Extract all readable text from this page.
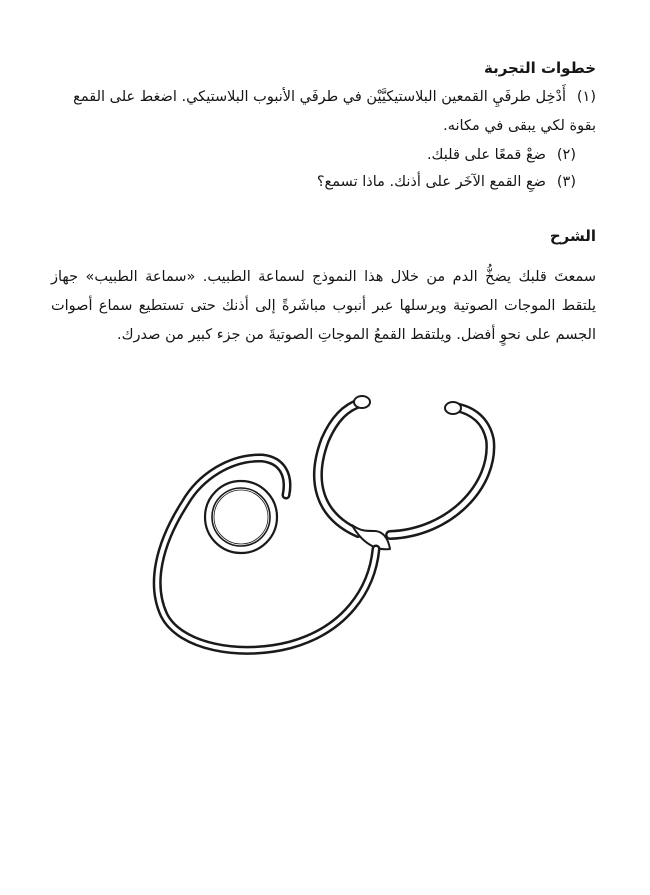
خطوات التجربة

(١)أَدْخِل طرفَيِ القمعين البلاستيكيَّيْن في طرفَي الأنبوب البلاستيكي. اضغط على القمع بقوة لكي يبقى في مكانه.

(٢)ضعْ قمعًا على قلبك.

(٣)ضعِ القمع الآخَر على أذنك. ماذا تسمع؟

الشرح

سمعتَ قلبك يضخُّ الدم من خلال هذا النموذج لسماعة الطبيب. «سماعة الطبيب» جهاز يلتقط الموجات الصوتية ويرسلها عبر أنبوب مباشَرةً إلى أذنك حتى تستطيع سماع أصوات الجسم على نحوٍ أفضل. ويلتقط القمعُ الموجاتِ الصوتيةَ من جزء كبير من صدرك.
